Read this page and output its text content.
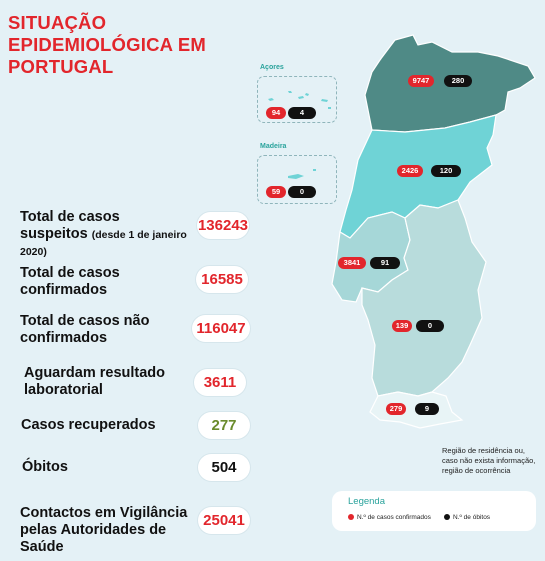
SITUAÇÃO
EPIDEMIOLÓGICA EM
PORTUGAL	Açores
94	4
Madeira
59	0
9747	280
2426	120
3841	91
139	0
279	9
Total de casos
suspeitos (desde 1 de janeiro
2020)
136243
Total de casos
confirmados
16585
Total de casos não
confirmados
116047
Aguardam resultado
laboratorial	3611
Casos recuperados	277
Óbitos	504
Contactos em Vigilância
pelas Autoridades de
Saúde
25041
Região de residência ou, caso não exista informação, região de ocorrência
Legenda
N.º de casos confirmados	N.º de óbitos
